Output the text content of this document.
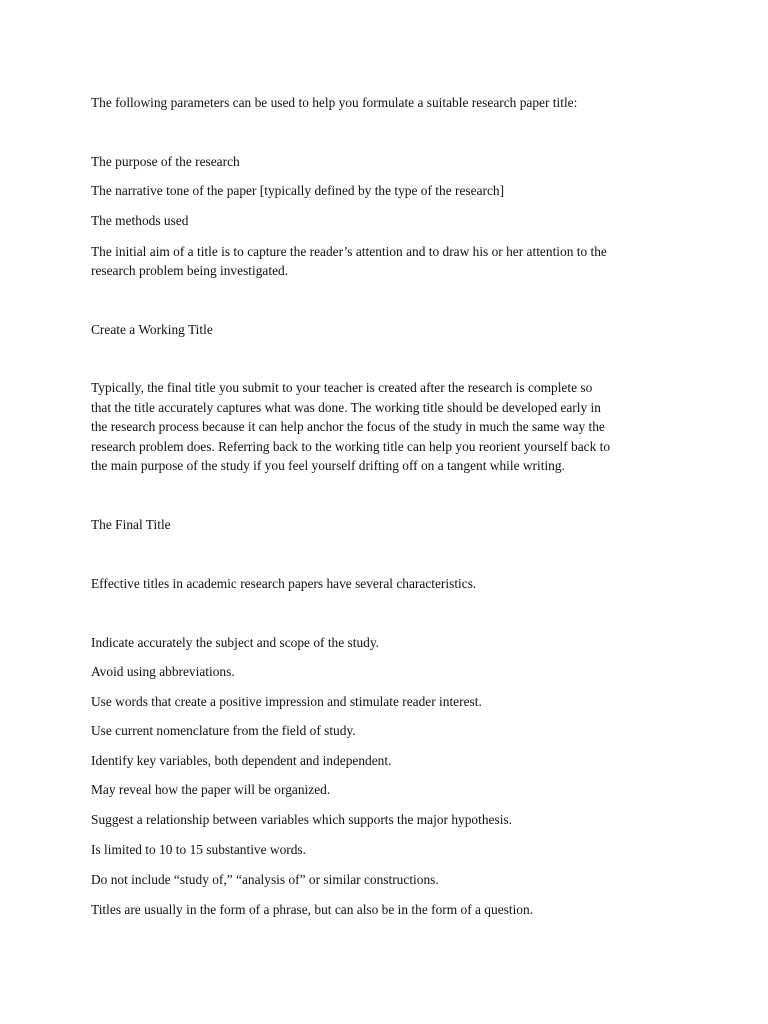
The following parameters can be used to help you formulate a suitable research paper title:
The purpose of the research
The narrative tone of the paper [typically defined by the type of the research]
The methods used
The initial aim of a title is to capture the reader’s attention and to draw his or her attention to the
research problem being investigated.
Create a Working Title
Typically, the final title you submit to your teacher is created after the research is complete so
that the title accurately captures what was done. The working title should be developed early in
the research process because it can help anchor the focus of the study in much the same way the
research problem does. Referring back to the working title can help you reorient yourself back to
the main purpose of the study if you feel yourself drifting off on a tangent while writing.
The Final Title
Effective titles in academic research papers have several characteristics.
Indicate accurately the subject and scope of the study.
Avoid using abbreviations.
Use words that create a positive impression and stimulate reader interest.
Use current nomenclature from the field of study.
Identify key variables, both dependent and independent.
May reveal how the paper will be organized.
Suggest a relationship between variables which supports the major hypothesis.
Is limited to 10 to 15 substantive words.
Do not include “study of,” “analysis of” or similar constructions.
Titles are usually in the form of a phrase, but can also be in the form of a question.
